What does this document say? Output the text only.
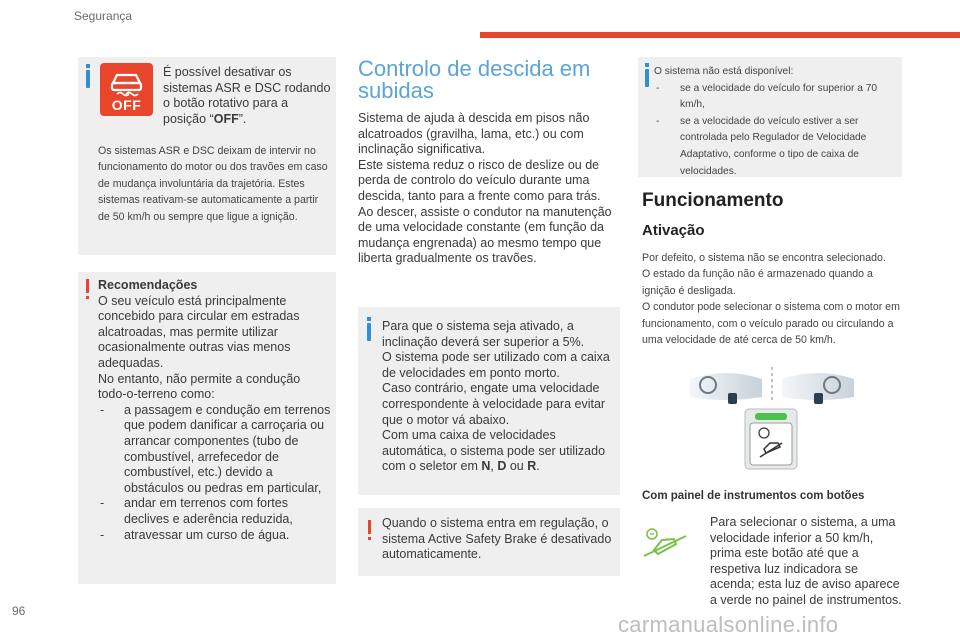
Segurança
OFF
É possível desativar os sistemas ASR e DSC rodando o botão rotativo para a posição “OFF”.
Os sistemas ASR e DSC deixam de intervir no funcionamento do motor ou dos travões em caso de mudança involuntária da trajetória. Estes sistemas reativam-se automaticamente a partir de 50 km/h ou sempre que ligue a ignição.
Recomendações
O seu veículo está principalmente concebido para circular em estradas alcatroadas, mas permite utilizar ocasionalmente outras vias menos adequadas.
No entanto, não permite a condução todo-o-terreno como:
- a passagem e condução em terrenos que podem danificar a carroçaria ou arrancar componentes (tubo de combustível, arrefecedor de combustível, etc.) devido a obstáculos ou pedras em particular,
- andar em terrenos com fortes declives e aderência reduzida,
- atravessar um curso de água.
Controlo de descida em subidas
Sistema de ajuda à descida em pisos não alcatroados (gravilha, lama, etc.) ou com inclinação significativa.
Este sistema reduz o risco de deslize ou de perda de controlo do veículo durante uma descida, tanto para a frente como para trás. Ao descer, assiste o condutor na manutenção de uma velocidade constante (em função da mudança engrenada) ao mesmo tempo que liberta gradualmente os travões.
Para que o sistema seja ativado, a inclinação deverá ser superior a 5%.
O sistema pode ser utilizado com a caixa de velocidades em ponto morto.
Caso contrário, engate uma velocidade correspondente à velocidade para evitar que o motor vá abaixo.
Com uma caixa de velocidades automática, o sistema pode ser utilizado com o seletor em N, D ou R.
Quando o sistema entra em regulação, o sistema Active Safety Brake é desativado automaticamente.
O sistema não está disponível:
- se a velocidade do veículo for superior a 70 km/h,
- se a velocidade do veículo estiver a ser controlada pelo Regulador de Velocidade Adaptativo, conforme o tipo de caixa de velocidades.
Funcionamento
Ativação
Por defeito, o sistema não se encontra selecionado.
O estado da função não é armazenado quando a ignição é desligada.
O condutor pode selecionar o sistema com o motor em funcionamento, com o veículo parado ou circulando a uma velocidade de até cerca de 50 km/h.
Com painel de instrumentos com botões
Para selecionar o sistema, a uma velocidade inferior a 50 km/h, prima este botão até que a respetiva luz indicadora se acenda; esta luz de aviso aparece a verde no painel de instrumentos.
96
carmanualsonline.info
